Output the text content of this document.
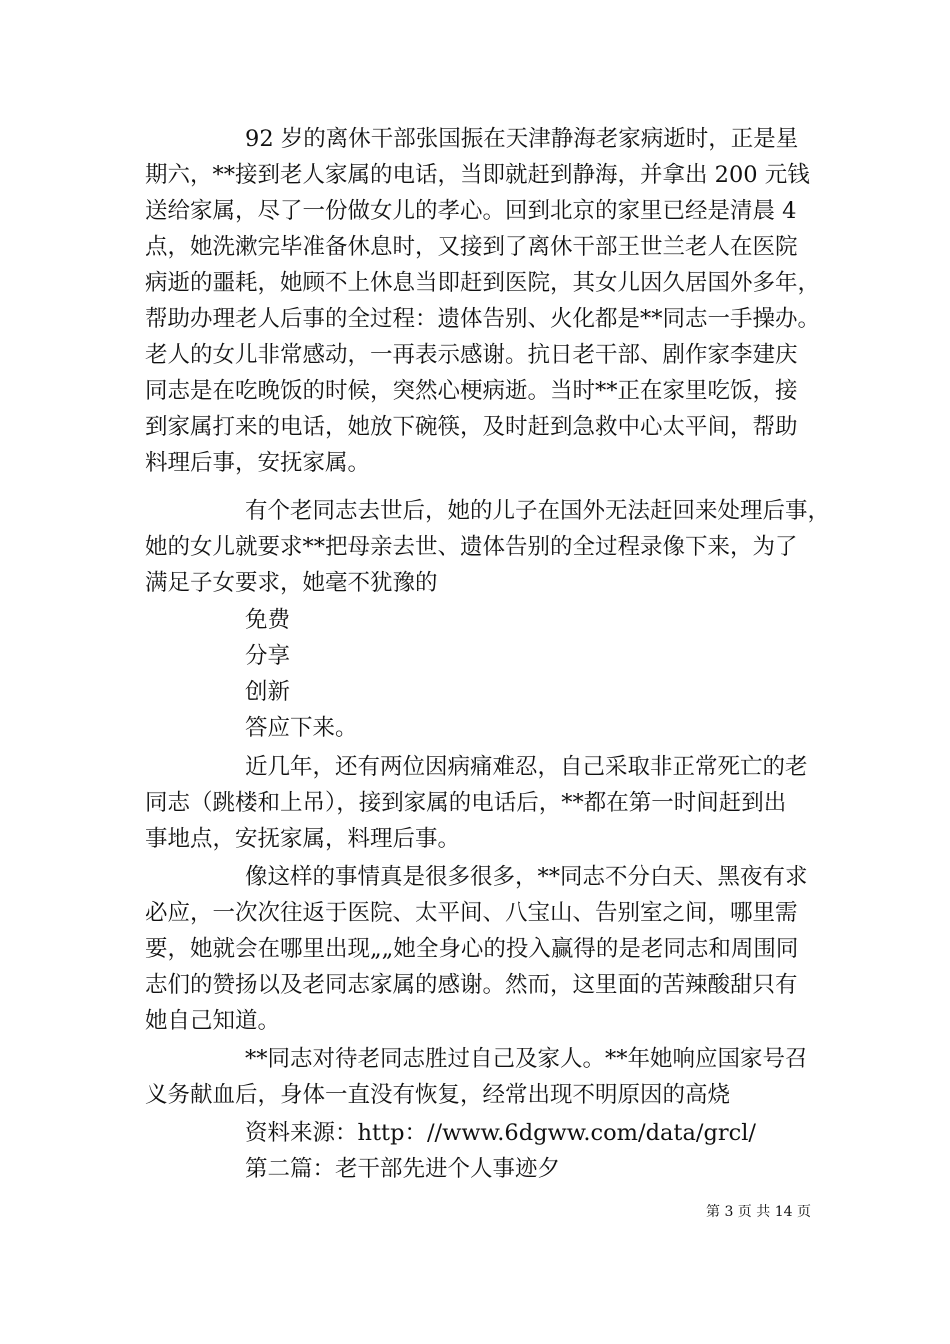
92 岁的离休干部张国振在天津静海老家病逝时，正是星
期六，**接到老人家属的电话，当即就赶到静海，并拿出 200 元钱
送给家属，尽了一份做女儿的孝心。回到北京的家里已经是清晨 4
点，她洗漱完毕准备休息时，又接到了离休干部王世兰老人在医院
病逝的噩耗，她顾不上休息当即赶到医院，其女儿因久居国外多年，
帮助办理老人后事的全过程：遗体告别、火化都是**同志一手操办。
老人的女儿非常感动，一再表示感谢。抗日老干部、剧作家李建庆
同志是在吃晚饭的时候，突然心梗病逝。当时**正在家里吃饭，接
到家属打来的电话，她放下碗筷，及时赶到急救中心太平间，帮助
料理后事，安抚家属。
有个老同志去世后，她的儿子在国外无法赶回来处理后事，
她的女儿就要求**把母亲去世、遗体告别的全过程录像下来，为了
满足子女要求，她毫不犹豫的
免费
分享
创新
答应下来。
近几年，还有两位因病痛难忍，自己采取非正常死亡的老
同志（跳楼和上吊），接到家属的电话后，**都在第一时间赶到出
事地点，安抚家属，料理后事。
像这样的事情真是很多很多，**同志不分白天、黑夜有求
必应，一次次往返于医院、太平间、八宝山、告别室之间，哪里需
要，她就会在哪里出现„„她全身心的投入赢得的是老同志和周围同
志们的赞扬以及老同志家属的感谢。然而，这里面的苦辣酸甜只有
她自己知道。
**同志对待老同志胜过自己及家人。**年她响应国家号召
义务献血后，身体一直没有恢复，经常出现不明原因的高烧
资料来源：http：//www.6dgww.com/data/grcl/
第二篇：老干部先进个人事迹夕
第 3 页 共 14 页
